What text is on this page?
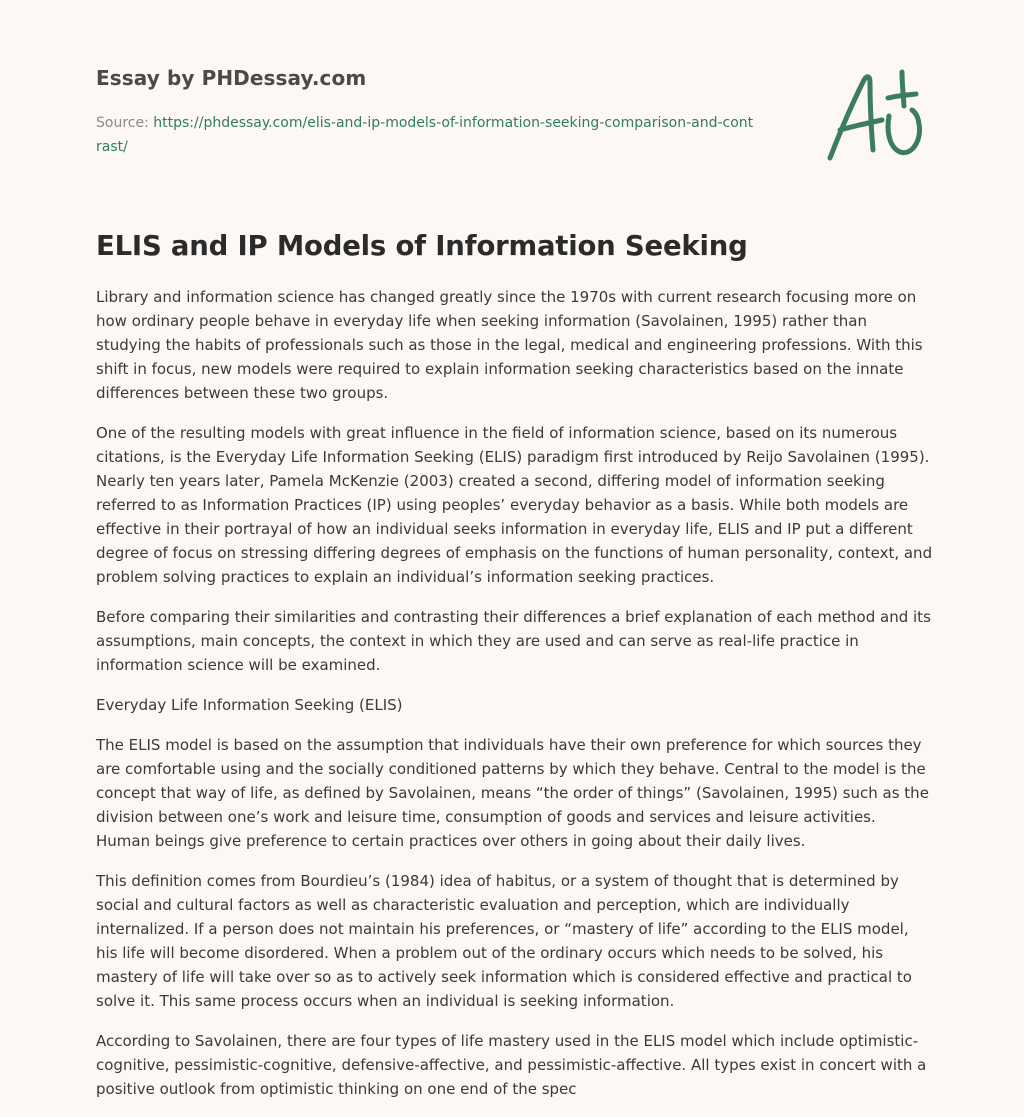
Essay by PHDessay.com
Source: https://phdessay.com/elis-and-ip-models-of-information-seeking-comparison-and-contrast/
ELIS and IP Models of Information Seeking

Library and information science has changed greatly since the 1970s with current research focusing more on how ordinary people behave in everyday life when seeking information (Savolainen, 1995) rather than studying the habits of professionals such as those in the legal, medical and engineering professions. With this shift in focus, new models were required to explain information seeking characteristics based on the innate differences between these two groups.

One of the resulting models with great influence in the field of information science, based on its numerous citations, is the Everyday Life Information Seeking (ELIS) paradigm first introduced by Reijo Savolainen (1995). Nearly ten years later, Pamela McKenzie (2003) created a second, differing model of information seeking referred to as Information Practices (IP) using peoples’ everyday behavior as a basis. While both models are effective in their portrayal of how an individual seeks information in everyday life, ELIS and IP put a different degree of focus on stressing differing degrees of emphasis on the functions of human personality, context, and problem solving practices to explain an individual’s information seeking practices.

Before comparing their similarities and contrasting their differences a brief explanation of each method and its assumptions, main concepts, the context in which they are used and can serve as real-life practice in information science will be examined.

Everyday Life Information Seeking (ELIS)

The ELIS model is based on the assumption that individuals have their own preference for which sources they are comfortable using and the socially conditioned patterns by which they behave. Central to the model is the concept that way of life, as defined by Savolainen, means “the order of things” (Savolainen, 1995) such as the division between one’s work and leisure time, consumption of goods and services and leisure activities. Human beings give preference to certain practices over others in going about their daily lives.

This definition comes from Bourdieu’s (1984) idea of habitus, or a system of thought that is determined by social and cultural factors as well as characteristic evaluation and perception, which are individually internalized. If a person does not maintain his preferences, or “mastery of life” according to the ELIS model, his life will become disordered. When a problem out of the ordinary occurs which needs to be solved, his mastery of life will take over so as to actively seek information which is considered effective and practical to solve it. This same process occurs when an individual is seeking information.

According to Savolainen, there are four types of life mastery used in the ELIS model which include optimistic-cognitive, pessimistic-cognitive, defensive-affective, and pessimistic-affective. All types exist in concert with a positive outlook from optimistic thinking on one end of the spec
